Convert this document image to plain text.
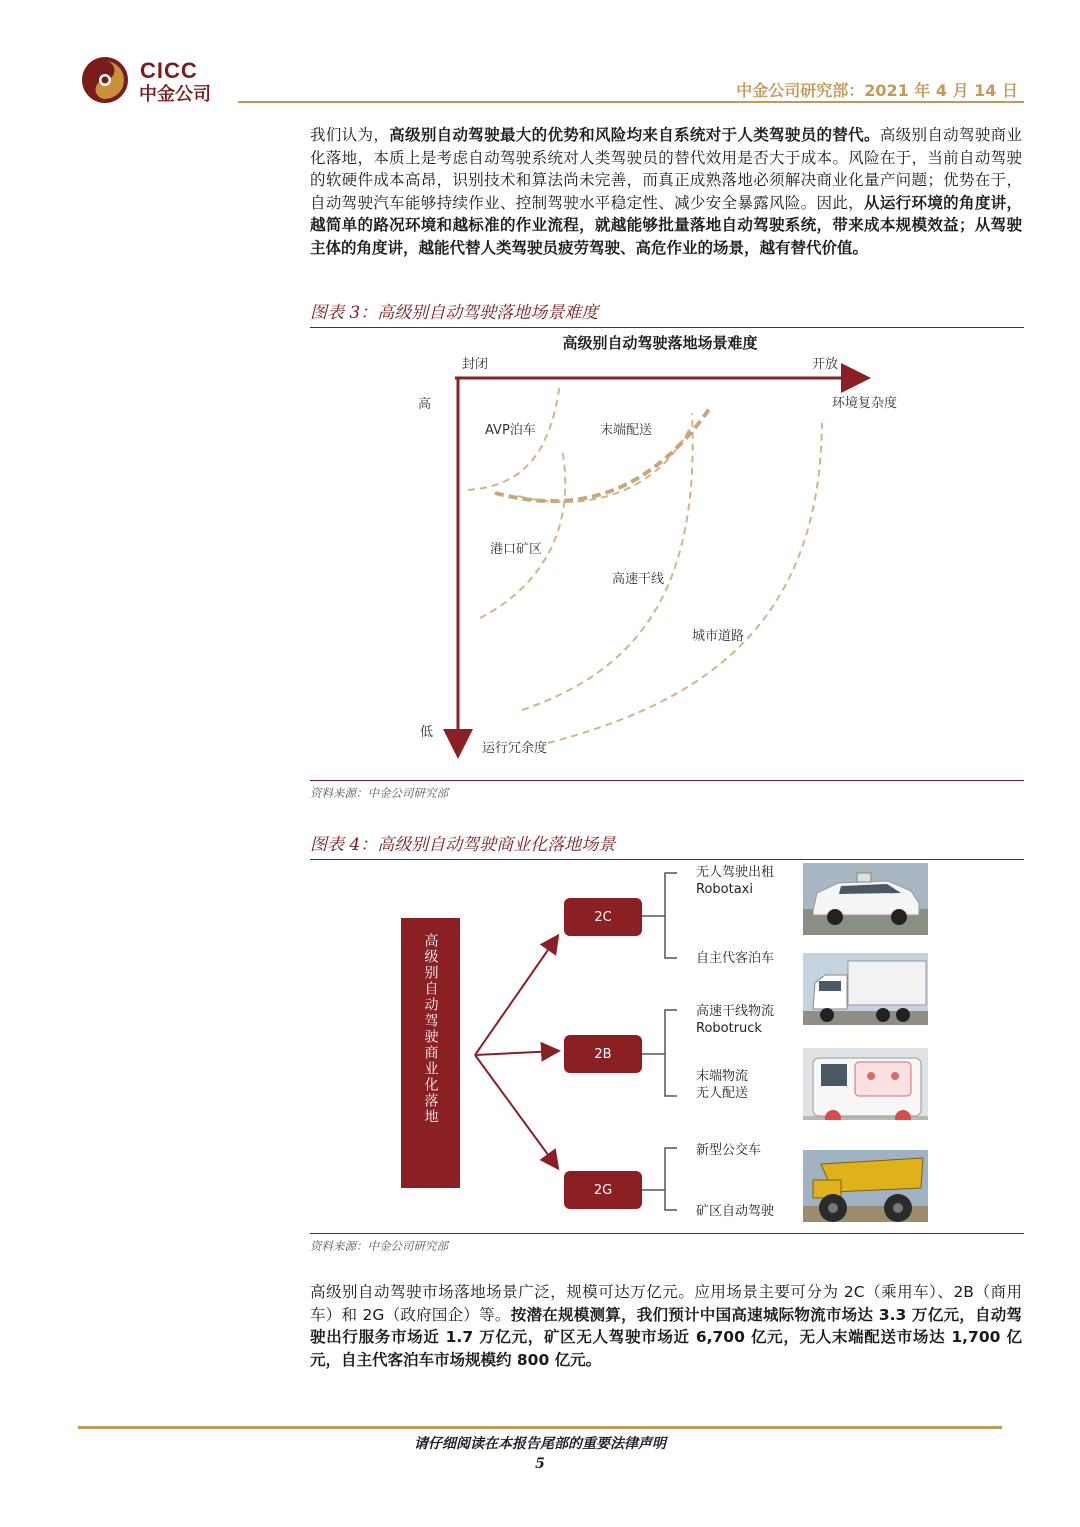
CICC
中金公司	中金公司研究部：2021 年 4 月 14 日
我们认为，高级别自动驾驶最大的优势和风险均来自系统对于人类驾驶员的替代。高级别自动驾驶商业化落地，本质上是考虑自动驾驶系统对人类驾驶员的替代效用是否大于成本。风险在于，当前自动驾驶的软硬件成本高昂，识别技术和算法尚未完善，而真正成熟落地必须解决商业化量产问题；优势在于，自动驾驶汽车能够持续作业、控制驾驶水平稳定性、减少安全暴露风险。因此，从运行环境的角度讲，越简单的路况环境和越标准的作业流程，就越能够批量落地自动驾驶系统，带来成本规模效益；从驾驶主体的角度讲，越能代替人类驾驶员疲劳驾驶、高危作业的场景，越有替代价值。
图表 3：高级别自动驾驶落地场景难度
高级别自动驾驶落地场景难度
封闭	开放
环境复杂度
高
低
运行冗余度
AVP泊车	末端配送
港口矿区
高速干线
城市道路
资料来源：中金公司研究部
图表 4：高级别自动驾驶商业化落地场景
高级别自动驾驶商业化落地
2C
2B
2G
无人驾驶出租
Robotaxi
自主代客泊车
高速干线物流
Robotruck
末端物流
无人配送
新型公交车
矿区自动驾驶
资料来源：中金公司研究部
高级别自动驾驶市场落地场景广泛，规模可达万亿元。应用场景主要可分为 2C（乘用车）、2B（商用车）和 2G（政府国企）等。按潜在规模测算，我们预计中国高速城际物流市场达 3.3 万亿元，自动驾驶出行服务市场近 1.7 万亿元，矿区无人驾驶市场近 6,700 亿元，无人末端配送市场达 1,700 亿元，自主代客泊车市场规模约 800 亿元。
请仔细阅读在本报告尾部的重要法律声明
5
